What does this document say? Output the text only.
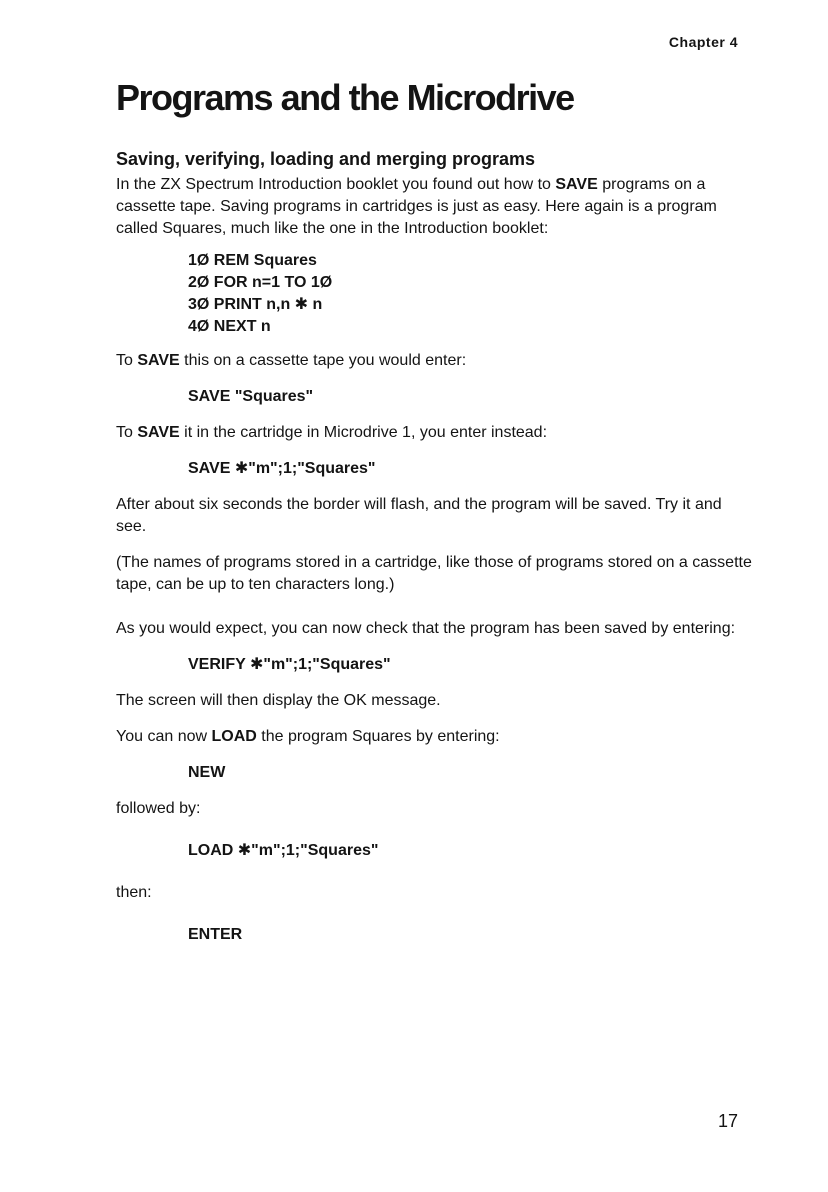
Chapter 4
Programs and the Microdrive
Saving, verifying, loading and merging programs

In the ZX Spectrum Introduction booklet you found out how to SAVE programs on a cassette tape. Saving programs in cartridges is just as easy. Here again is a program called Squares, much like the one in the Introduction booklet:

1Ø REM Squares
2Ø FOR n=1 TO 1Ø
3Ø PRINT n,n ✱ n
4Ø NEXT n

To SAVE this on a cassette tape you would enter:

SAVE "Squares"

To SAVE it in the cartridge in Microdrive 1, you enter instead:

SAVE ✱"m";1;"Squares"

After about six seconds the border will flash, and the program will be saved. Try it and see.

(The names of programs stored in a cartridge, like those of programs stored on a cassette tape, can be up to ten characters long.)

As you would expect, you can now check that the program has been saved by entering:

VERIFY ✱"m";1;"Squares"

The screen will then display the OK message.

You can now LOAD the program Squares by entering:

NEW

followed by:

LOAD ✱"m";1;"Squares"

then:

ENTER
17
